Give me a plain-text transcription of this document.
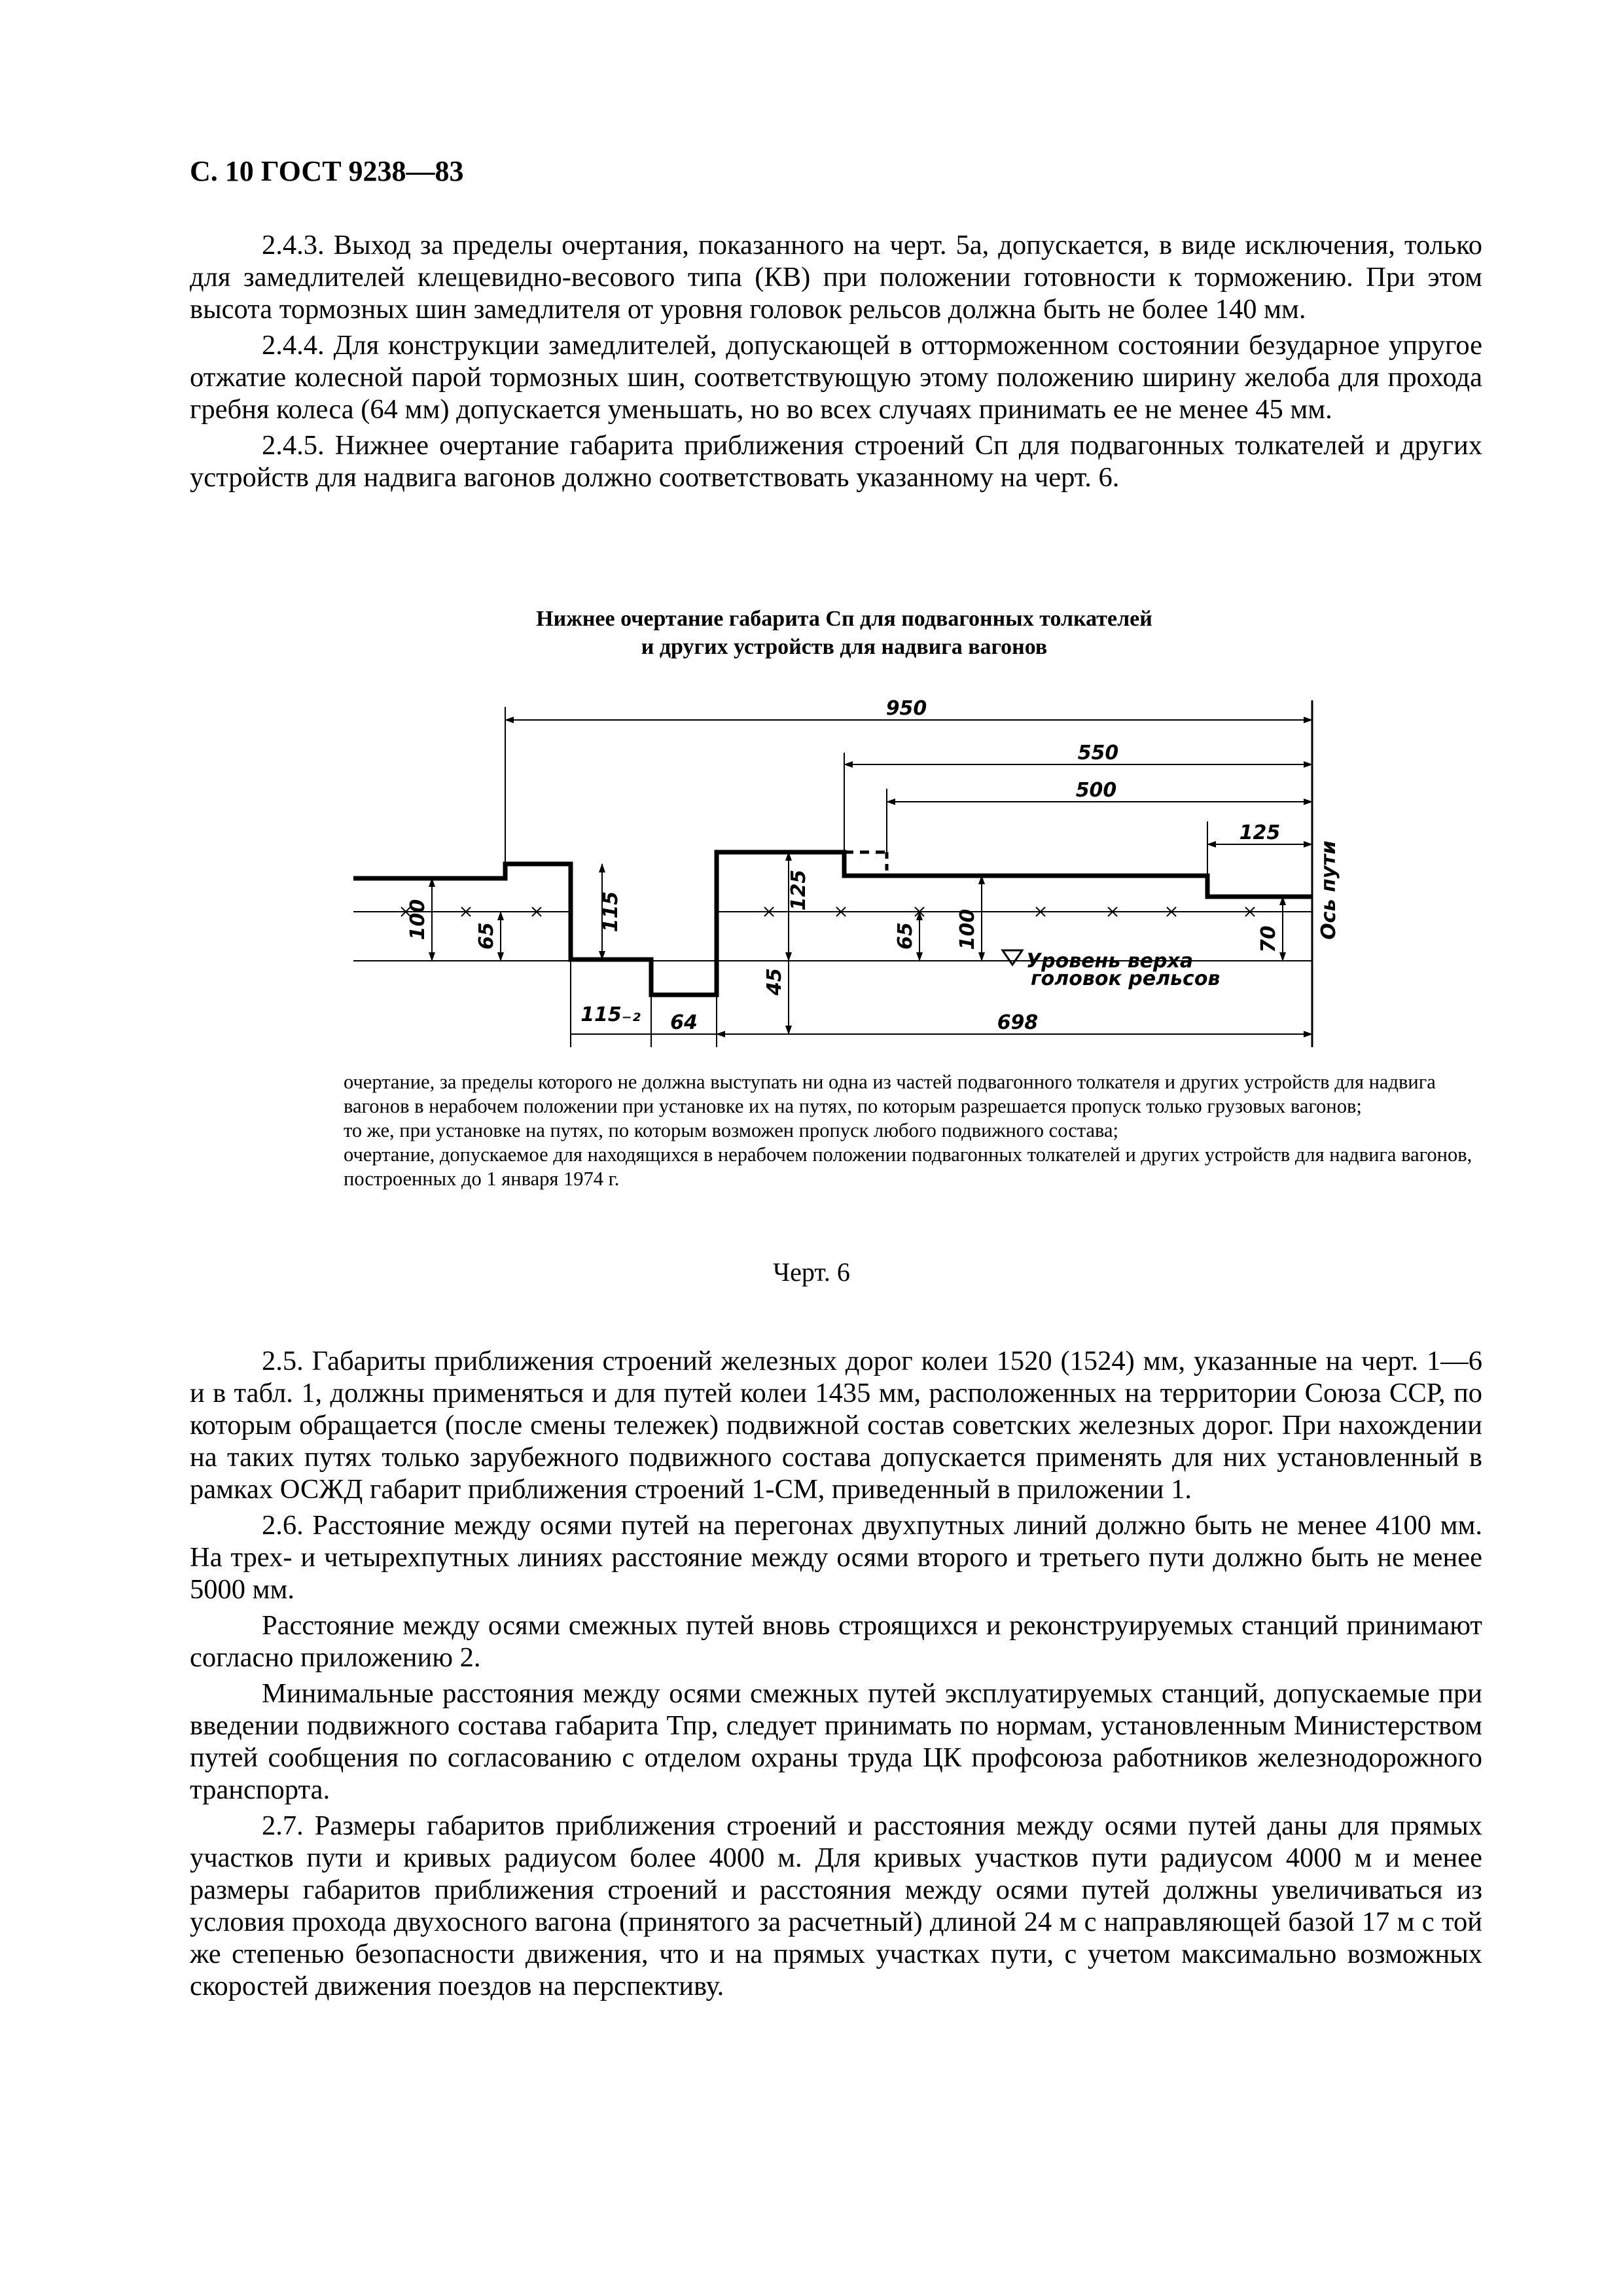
С. 10 ГОСТ 9238—83

2.4.3. Выход за пределы очертания, показанного на черт. 5а, допускается, в виде исключения, только для замедлителей клещевидно-весового типа (КВ) при положении готовности к торможению. При этом высота тормозных шин замедлителя от уровня головок рельсов должна быть не более 140 мм.

2.4.4. Для конструкции замедлителей, допускающей в отторможенном состоянии безударное упругое отжатие колесной парой тормозных шин, соответствующую этому положению ширину желоба для прохода гребня колеса (64 мм) допускается уменьшать, но во всех случаях принимать ее не менее 45 мм.

2.4.5. Нижнее очертание габарита приближения строений Сп для подвагонных толкателей и других устройств для надвига вагонов должно соответствовать указанному на черт. 6.

Нижнее очертание габарита Сп для подвагонных толкателей
и других устройств для надвига вагонов
950
550
500
125
115₋₂ 64	698
100 65
115
125
45
65 100	70
Уровень верха
головок рельсов
Ось пути
очертание, за пределы которого не должна выступать ни одна из частей подвагонного толкателя и других устройств для надвига вагонов в нерабочем положении при установке их на путях, по которым разрешается пропуск только грузовых вагонов;
то же, при установке на путях, по которым возможен пропуск любого подвижного состава;
очертание, допускаемое для находящихся в нерабочем положении подвагонных толкателей и других устройств для надвига вагонов, построенных до 1 января 1974 г.
Черт. 6

2.5. Габариты приближения строений железных дорог колеи 1520 (1524) мм, указанные на черт. 1—6 и в табл. 1, должны применяться и для путей колеи 1435 мм, расположенных на территории Союза ССР, по которым обращается (после смены тележек) подвижной состав советских железных дорог. При нахождении на таких путях только зарубежного подвижного состава допускается применять для них установленный в рамках ОСЖД габарит приближения строений 1-СМ, приведенный в приложении 1.

2.6. Расстояние между осями путей на перегонах двухпутных линий должно быть не менее 4100 мм. На трех- и четырехпутных линиях расстояние между осями второго и третьего пути должно быть не менее 5000 мм.

Расстояние между осями смежных путей вновь строящихся и реконструируемых станций принимают согласно приложению 2.

Минимальные расстояния между осями смежных путей эксплуатируемых станций, допускаемые при введении подвижного состава габарита Тпр, следует принимать по нормам, установленным Министерством путей сообщения по согласованию с отделом охраны труда ЦК профсоюза работников железнодорожного транспорта.

2.7. Размеры габаритов приближения строений и расстояния между осями путей даны для прямых участков пути и кривых радиусом более 4000 м. Для кривых участков пути радиусом 4000 м и менее размеры габаритов приближения строений и расстояния между осями путей должны увеличиваться из условия прохода двухосного вагона (принятого за расчетный) длиной 24 м с направляющей базой 17 м с той же степенью безопасности движения, что и на прямых участках пути, с учетом максимально возможных скоростей движения поездов на перспективу.
